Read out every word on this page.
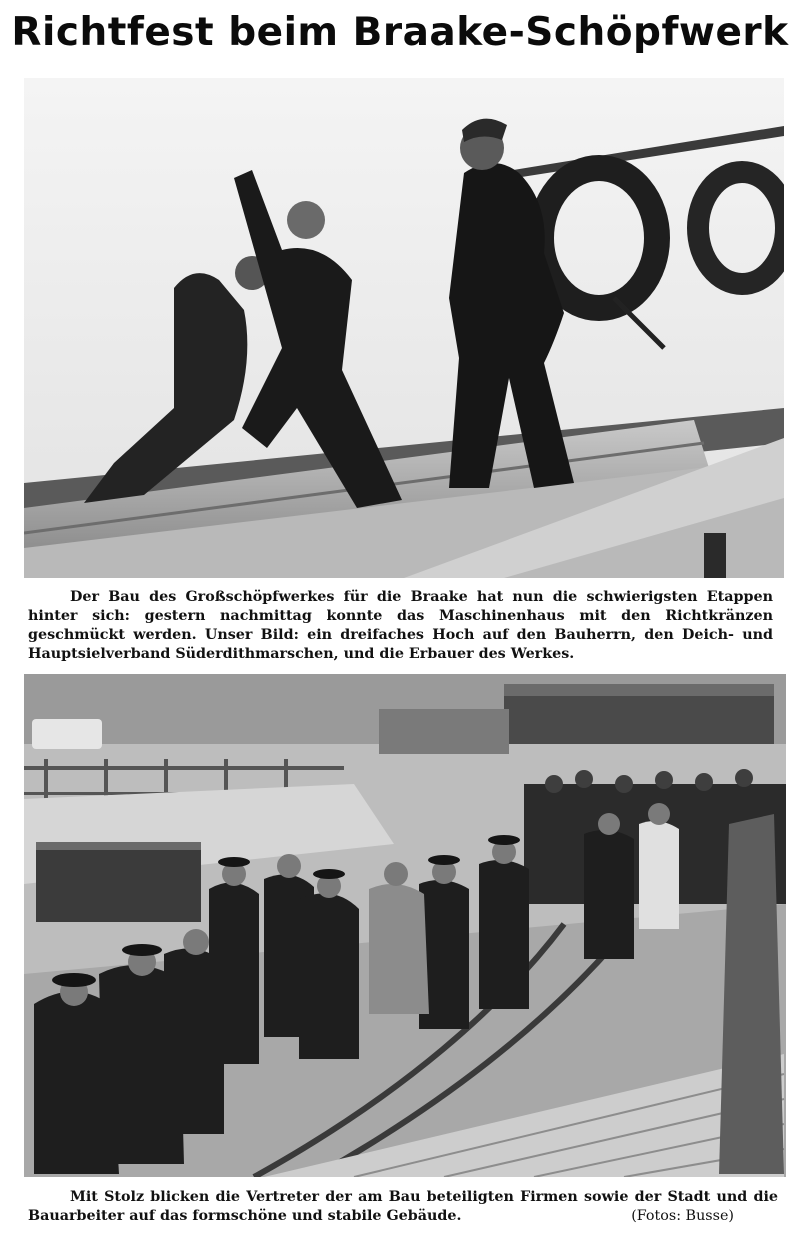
Richtfest beim Braake-Schöpfwerk
Der Bau des Großschöpfwerkes für die Braake hat nun die schwierigsten Etappen hinter sich: gestern nachmittag konnte das Maschinenhaus mit den Richtkränzen geschmückt werden. Unser Bild: ein dreifaches Hoch auf den Bauherrn, den Deich- und Hauptsielverband Süderdithmarschen, und die Erbauer des Werkes.
Mit Stolz blicken die Vertreter der am Bau beteiligten Firmen sowie der Stadt und die Bauarbeiter auf das formschöne und stabile Gebäude.	(Fotos: Busse)
